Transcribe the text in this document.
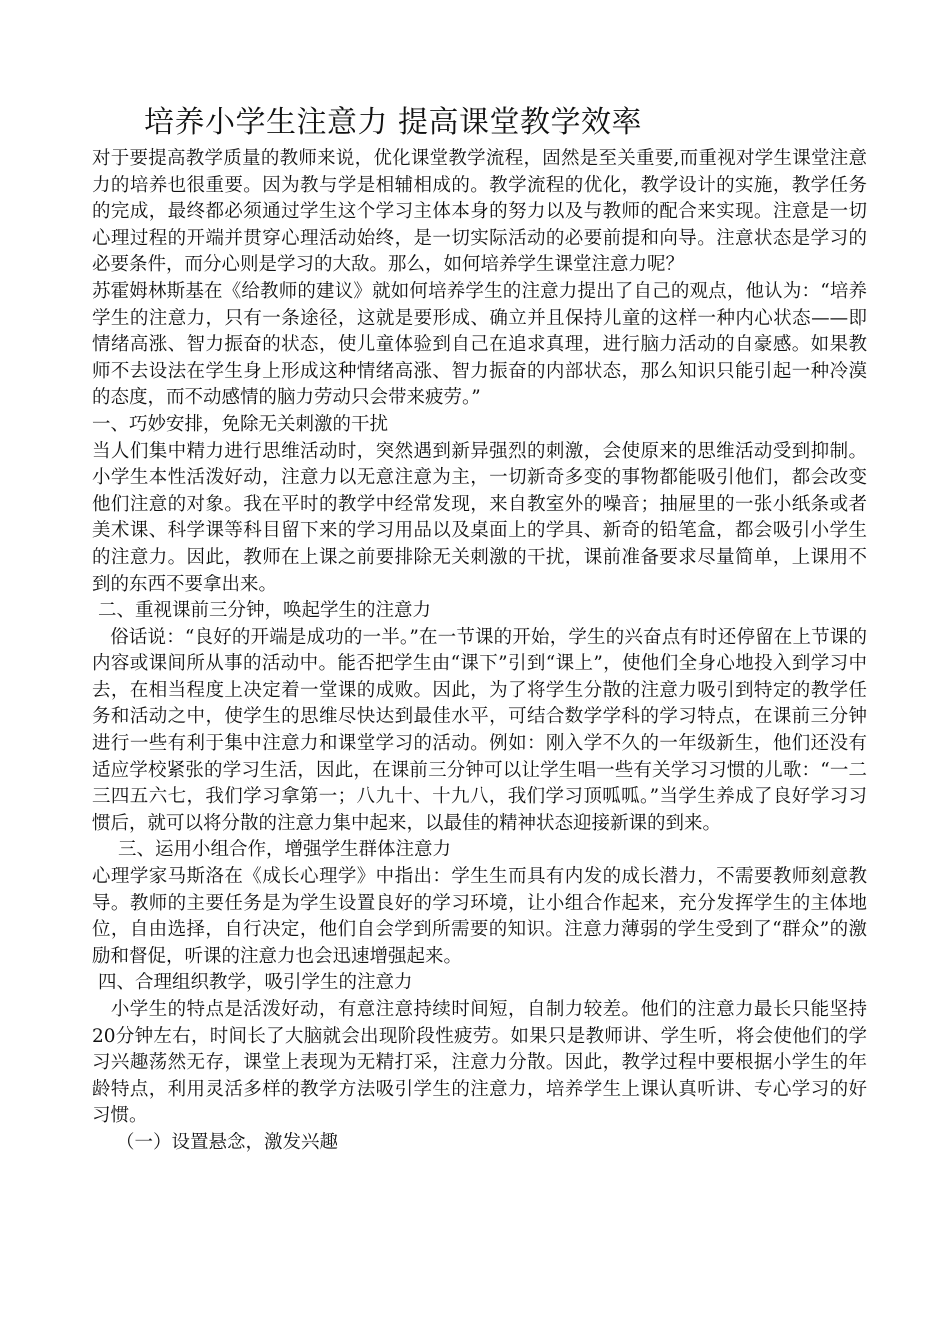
培养小学生注意力 提高课堂教学效率

对于要提高教学质量的教师来说，优化课堂教学流程，固然是至关重要,而重视对学生课堂注意力的培养也很重要。因为教与学是相辅相成的。教学流程的优化，教学设计的实施，教学任务的完成，最终都必须通过学生这个学习主体本身的努力以及与教师的配合来实现。注意是一切心理过程的开端并贯穿心理活动始终，是一切实际活动的必要前提和向导。注意状态是学习的必要条件，而分心则是学习的大敌。那么，如何培养学生课堂注意力呢？

苏霍姆林斯基在《给教师的建议》就如何培养学生的注意力提出了自己的观点，他认为：“培养学生的注意力，只有一条途径，这就是要形成、确立并且保持儿童的这样一种内心状态——即情绪高涨、智力振奋的状态，使儿童体验到自己在追求真理，进行脑力活动的自豪感。如果教师不去设法在学生身上形成这种情绪高涨、智力振奋的内部状态，那么知识只能引起一种冷漠的态度，而不动感情的脑力劳动只会带来疲劳。”

一、巧妙安排，免除无关刺激的干扰

当人们集中精力进行思维活动时，突然遇到新异强烈的刺激，会使原来的思维活动受到抑制。小学生本性活泼好动，注意力以无意注意为主，一切新奇多变的事物都能吸引他们，都会改变他们注意的对象。我在平时的教学中经常发现，来自教室外的噪音；抽屉里的一张小纸条或者美术课、科学课等科目留下来的学习用品以及桌面上的学具、新奇的铅笔盒，都会吸引小学生的注意力。因此，教师在上课之前要排除无关刺激的干扰，课前准备要求尽量简单，上课用不到的东西不要拿出来。

二、重视课前三分钟，唤起学生的注意力

俗话说：“良好的开端是成功的一半。”在一节课的开始，学生的兴奋点有时还停留在上节课的内容或课间所从事的活动中。能否把学生由“课下”引到“课上”，使他们全身心地投入到学习中去，在相当程度上决定着一堂课的成败。因此，为了将学生分散的注意力吸引到特定的教学任务和活动之中，使学生的思维尽快达到最佳水平，可结合数学学科的学习特点，在课前三分钟进行一些有利于集中注意力和课堂学习的活动。例如：刚入学不久的一年级新生，他们还没有适应学校紧张的学习生活，因此，在课前三分钟可以让学生唱一些有关学习习惯的儿歌：“一二三四五六七，我们学习拿第一；八九十、十九八，我们学习顶呱呱。”当学生养成了良好学习习惯后，就可以将分散的注意力集中起来，以最佳的精神状态迎接新课的到来。

三、运用小组合作，增强学生群体注意力

心理学家马斯洛在《成长心理学》中指出：学生生而具有内发的成长潜力，不需要教师刻意教导。教师的主要任务是为学生设置良好的学习环境，让小组合作起来，充分发挥学生的主体地位，自由选择，自行决定，他们自会学到所需要的知识。注意力薄弱的学生受到了“群众”的激励和督促，听课的注意力也会迅速增强起来。

四、合理组织教学，吸引学生的注意力

小学生的特点是活泼好动，有意注意持续时间短，自制力较差。他们的注意力最长只能坚持20分钟左右，时间长了大脑就会出现阶段性疲劳。如果只是教师讲、学生听，将会使他们的学习兴趣荡然无存，课堂上表现为无精打采，注意力分散。因此，教学过程中要根据小学生的年龄特点，利用灵活多样的教学方法吸引学生的注意力，培养学生上课认真听讲、专心学习的好习惯。

（一）设置悬念，激发兴趣
